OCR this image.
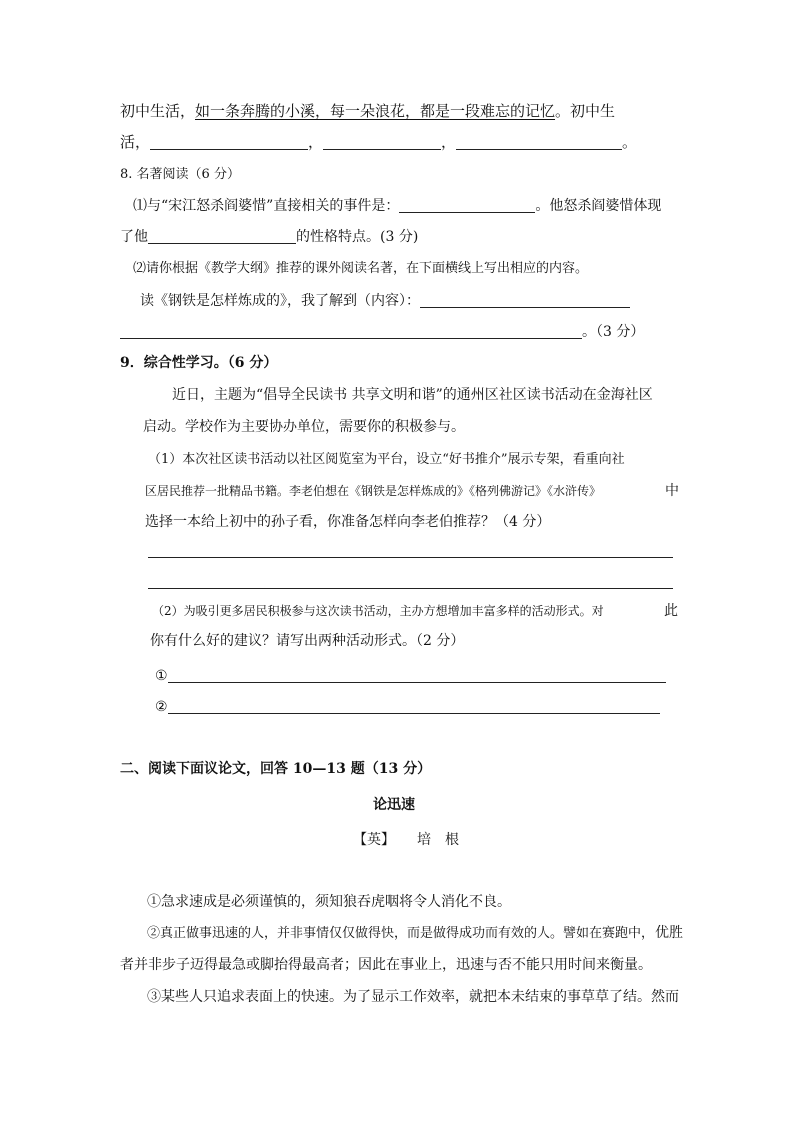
初中生活，如一条奔腾的小溪，每一朵浪花，都是一段难忘的记忆。初中生
活，	，	，	。
8. 名著阅读（6 分）
⑴与“宋江怒杀阎婆惜”直接相关的事件是：	。他怒杀阎婆惜体现
了他	的性格特点。(3 分)
⑵请你根据《教学大纲》推荐的课外阅读名著，在下面横线上写出相应的内容。
读《钢铁是怎样炼成的》，我了解到（内容）：
。（3 分）
9．综合性学习。（6 分）
近日，主题为“倡导全民读书 共享文明和谐”的通州区社区读书活动在金海社区
启动。学校作为主要协办单位，需要你的积极参与。
（1）本次社区读书活动以社区阅览室为平台，设立“好书推介”展示专架，看重向社
区居民推荐一批精品书籍。李老伯想在《钢铁是怎样炼成的》《格列佛游记》《水浒传》	中
选择一本给上初中的孙子看，你准备怎样向李老伯推荐？（4 分）
（2）为吸引更多居民积极参与这次读书活动，主办方想增加丰富多样的活动形式。对	此
你有什么好的建议？请写出两种活动形式。（2 分）
①
②
二、阅读下面议论文，回答 10—13 题（13 分）
论迅速
【英】 培　根
①急求速成是必须谨慎的，须知狼吞虎咽将令人消化不良。
②真正做事迅速的人，并非事情仅仅做得快，而是做得成功而有效的人。譬如在赛跑中， 优胜
者并非步子迈得最急或脚抬得最高者；因此在事业上，迅速与否不能只用时间来衡量。
③某些人只追求表面上的快速。为了显示工作效率，就把本未结束的事草草了结。然而
